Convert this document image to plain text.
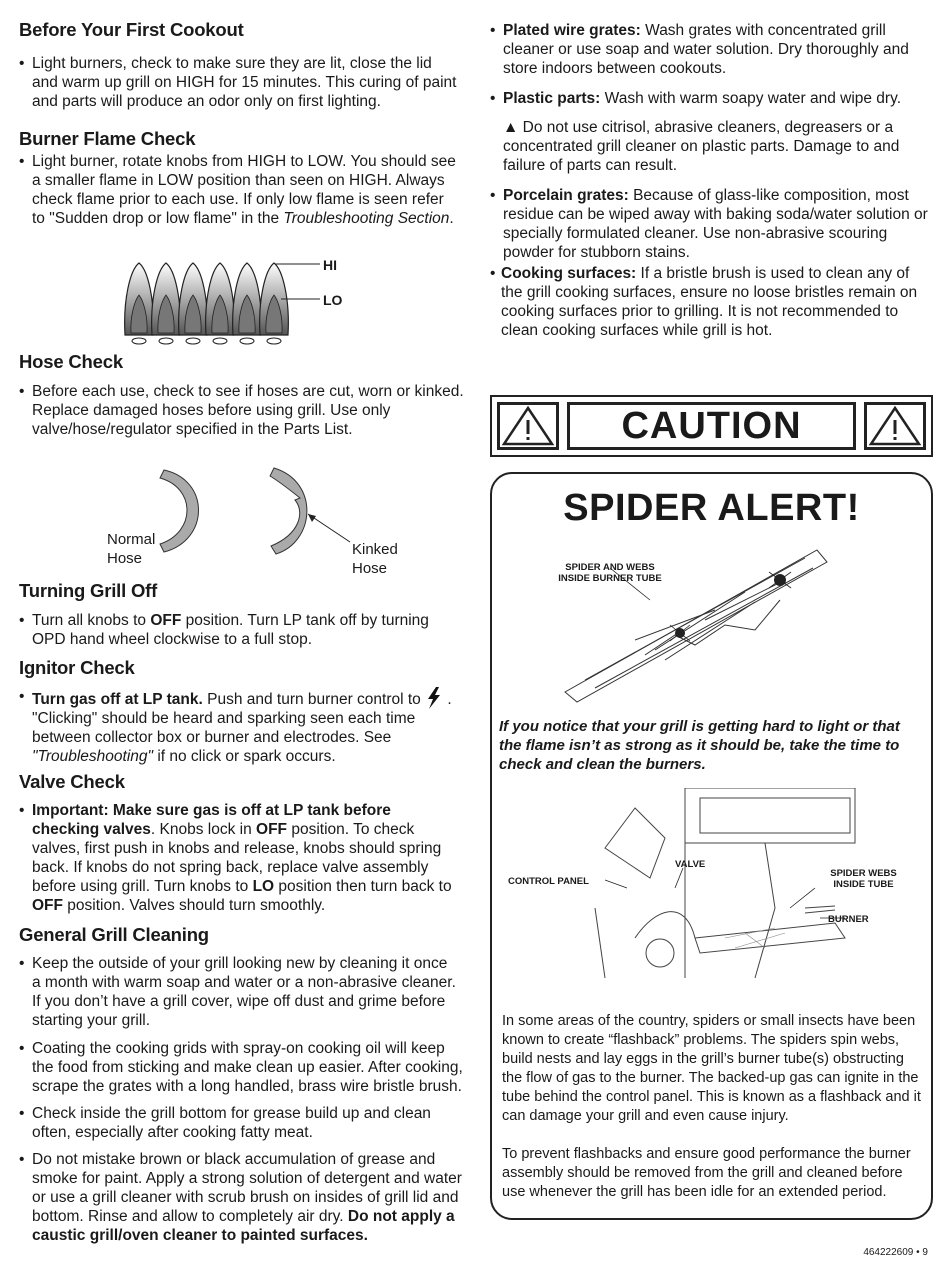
Before Your First Cookout
• Light burners, check to make sure they are lit, close the lid and warm up grill on HIGH for 15 minutes. This curing of paint and parts will produce an odor only on first lighting.
Burner Flame Check
• Light burner, rotate knobs from HIGH to LOW. You should see a smaller flame in LOW position than seen on HIGH. Always check flame prior to each use. If only low flame is seen refer to "Sudden drop or low flame" in the Troubleshooting Section.
HI
LO
Hose Check
• Before each use, check to see if hoses are cut, worn or kinked. Replace damaged hoses before using grill. Use only valve/hose/regulator specified in the Parts List.
Normal
Hose
Kinked
Hose
Turning Grill Off
• Turn all knobs to OFF position. Turn LP tank off by turning OPD hand wheel clockwise to a full stop.
Ignitor Check
• Turn gas off at LP tank. Push and turn burner control to  . "Clicking" should be heard and sparking seen each time between collector box or burner and electrodes. See "Troubleshooting" if no click or spark occurs.
Valve Check
• Important: Make sure gas is off at LP tank before checking valves. Knobs lock in OFF position. To check valves, first push in knobs and release, knobs should spring back. If knobs do not spring back, replace valve assembly before using grill. Turn knobs to LO position then turn back to OFF position. Valves should turn smoothly.
General Grill Cleaning
• Keep the outside of your grill looking new by cleaning it once a month with warm soap and water or a non-abrasive cleaner. If you don’t have a grill cover, wipe off dust and grime before starting your grill.
• Coating the cooking grids with spray-on cooking oil will keep the food from sticking and make clean up easier. After cooking, scrape the grates with a long handled, brass wire bristle brush.
• Check inside the grill bottom for grease build up and clean often, especially after cooking fatty meat.
• Do not mistake brown or black accumulation of grease and smoke for paint. Apply a strong solution of detergent and water or use a grill cleaner with scrub brush on insides of grill lid and bottom. Rinse and allow to completely air dry. Do not apply a caustic grill/oven cleaner to painted surfaces.
• Plated wire grates: Wash grates with concentrated grill cleaner or use soap and water solution. Dry thoroughly and store indoors between cookouts.
• Plastic parts: Wash with warm soapy water and wipe dry.
▲ Do not use citrisol, abrasive cleaners, degreasers or a concentrated grill cleaner on plastic parts. Damage to and failure of parts can result.
• Porcelain grates: Because of glass-like composition, most residue can be wiped away with baking soda/water solution or specially formulated cleaner. Use non-abrasive scouring powder for stubborn stains.
• Cooking surfaces: If a bristle brush is used to clean any of the grill cooking surfaces, ensure no loose bristles remain on cooking surfaces prior to grilling. It is not recommended to clean cooking surfaces while grill is hot.
CAUTION
SPIDER ALERT!
SPIDER AND WEBS
INSIDE BURNER TUBE
If you notice that your grill is getting hard to light or that the flame isn’t as strong as it should be, take the time to check and clean the burners.
CONTROL PANEL
VALVE
SPIDER WEBS
INSIDE TUBE
BURNER
In some areas of the country, spiders or small insects have been known to create “flashback” problems. The spiders spin webs, build nests and lay eggs in the grill’s burner tube(s) obstructing the flow of gas to the burner. The backed-up gas can ignite in the tube behind the control panel. This is known as a flashback and it can damage your grill and even cause injury.
To prevent flashbacks and ensure good performance the burner assembly should be removed from the grill and cleaned before use whenever the grill has been idle for an extended period.
464222609 • 9
